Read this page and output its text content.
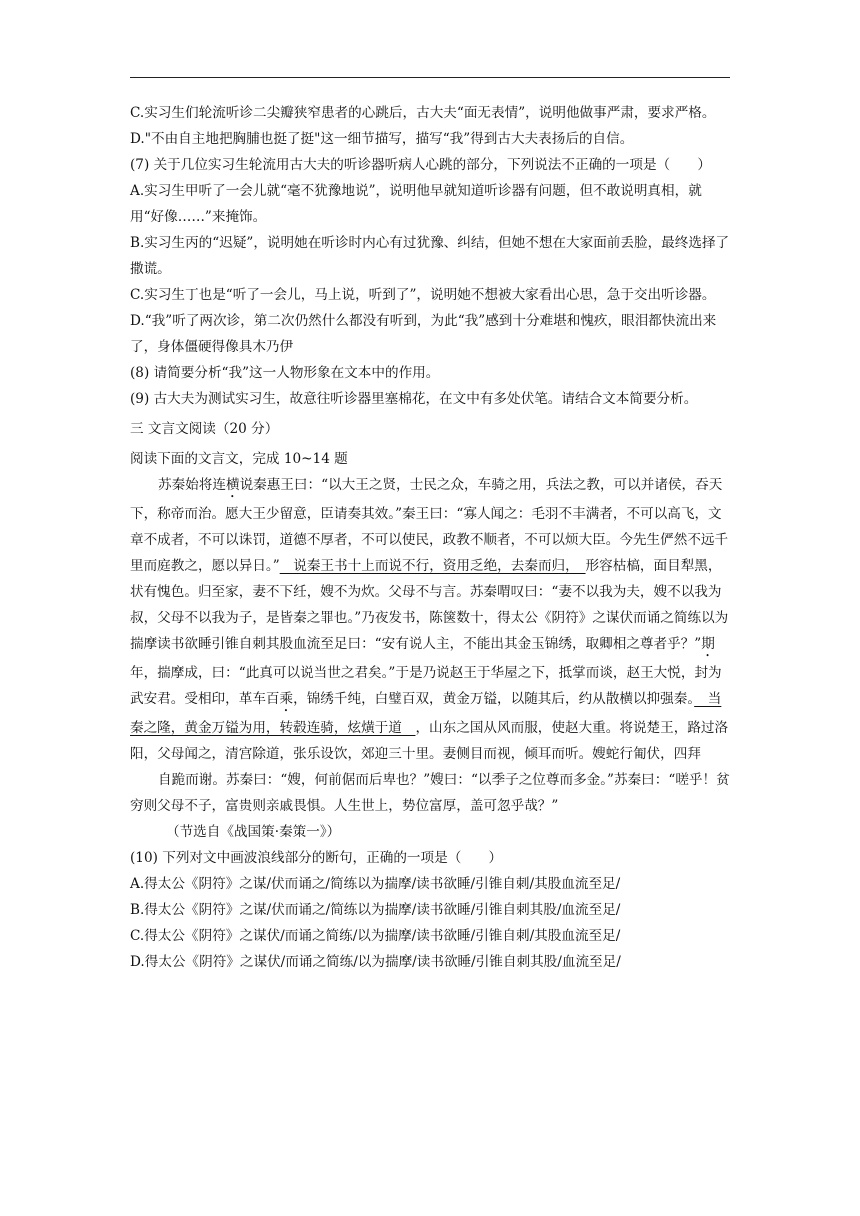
C.实习生们轮流听诊二尖瓣狭窄患者的心跳后，古大夫“面无表情”，说明他做事严肃，要求严格。

D."不由自主地把胸脯也挺了挺"这一细节描写，描写“我”得到古大夫表扬后的自信。

(7) 关于几位实习生轮流用古大夫的听诊器听病人心跳的部分，下列说法不正确的一项是（　　）

A.实习生甲听了一会儿就“毫不犹豫地说”，说明他早就知道听诊器有问题，但不敢说明真相，就用“好像……”来掩饰。

B.实习生丙的“迟疑”，说明她在听诊时内心有过犹豫、纠结，但她不想在大家面前丢脸，最终选择了撒谎。

C.实习生丁也是“听了一会儿，马上说，听到了”，说明她不想被大家看出心思，急于交出听诊器。

D.“我”听了两次诊，第二次仍然什么都没有听到，为此“我”感到十分难堪和愧疚，眼泪都快流出来了，身体僵硬得像具木乃伊

(8) 请简要分析“我”这一人物形象在文本中的作用。

(9) 古大夫为测试实习生，故意往听诊器里塞棉花，在文中有多处伏笔。请结合文本简要分析。

三 文言文阅读（20 分）

阅读下面的文言文，完成 10~14 题

苏秦始将连横说秦惠王曰：“以大王之贤，士民之众，车骑之用，兵法之教，可以并诸侯，吞天下，称帝而治。愿大王少留意，臣请奏其效。”秦王曰：“寡人闻之：毛羽不丰满者，不可以高飞，文章不成者，不可以诛罚，道德不厚者，不可以使民，政教不顺者，不可以烦大臣。今先生俨然不远千里而庭教之，愿以异日。”　说秦王书十上而说不行，资用乏绝，去秦而归，　形容枯槁，面目犁黑，状有愧色。归至家，妻不下纴，嫂不为炊。父母不与言。苏秦喟叹曰：“妻不以我为夫，嫂不以我为叔，父母不以我为子，是皆秦之罪也。”乃夜发书，陈箧数十，得太公《阴符》之谋伏而诵之简练以为揣摩读书欲睡引锥自刺其股血流至足曰：“安有说人主，不能出其金玉锦绣，取卿相之尊者乎？”期年，揣摩成，曰：“此真可以说当世之君矣。”于是乃说赵王于华屋之下，抵掌而谈，赵王大悦，封为武安君。受相印，革车百乘，锦绣千纯，白璧百双，黄金万镒，以随其后，约从散横以抑强秦。　当秦之隆，黄金万镒为用，转毂连骑，炫熿于道　，山东之国从风而服，使赵大重。将说楚王，路过洛阳，父母闻之，清宫除道，张乐设饮，郊迎三十里。妻侧目而视，倾耳而听。嫂蛇行匍伏，四拜

自跪而谢。苏秦曰：“嫂，何前倨而后卑也？”嫂曰：“以季子之位尊而多金。”苏秦曰：“嗟乎！贫穷则父母不子，富贵则亲戚畏惧。人生世上，势位富厚，盖可忽乎哉？”

（节选自《战国策·秦策一》）

(10) 下列对文中画波浪线部分的断句，正确的一项是（　　）

A.得太公《阴符》之谋/伏而诵之/简练以为揣摩/读书欲睡/引锥自刺/其股血流至足/

B.得太公《阴符》之谋/伏而诵之/简练以为揣摩/读书欲睡/引锥自刺其股/血流至足/

C.得太公《阴符》之谋伏/而诵之简练/以为揣摩/读书欲睡/引锥自刺/其股血流至足/

D.得太公《阴符》之谋伏/而诵之简练/以为揣摩/读书欲睡/引锥自刺其股/血流至足/
